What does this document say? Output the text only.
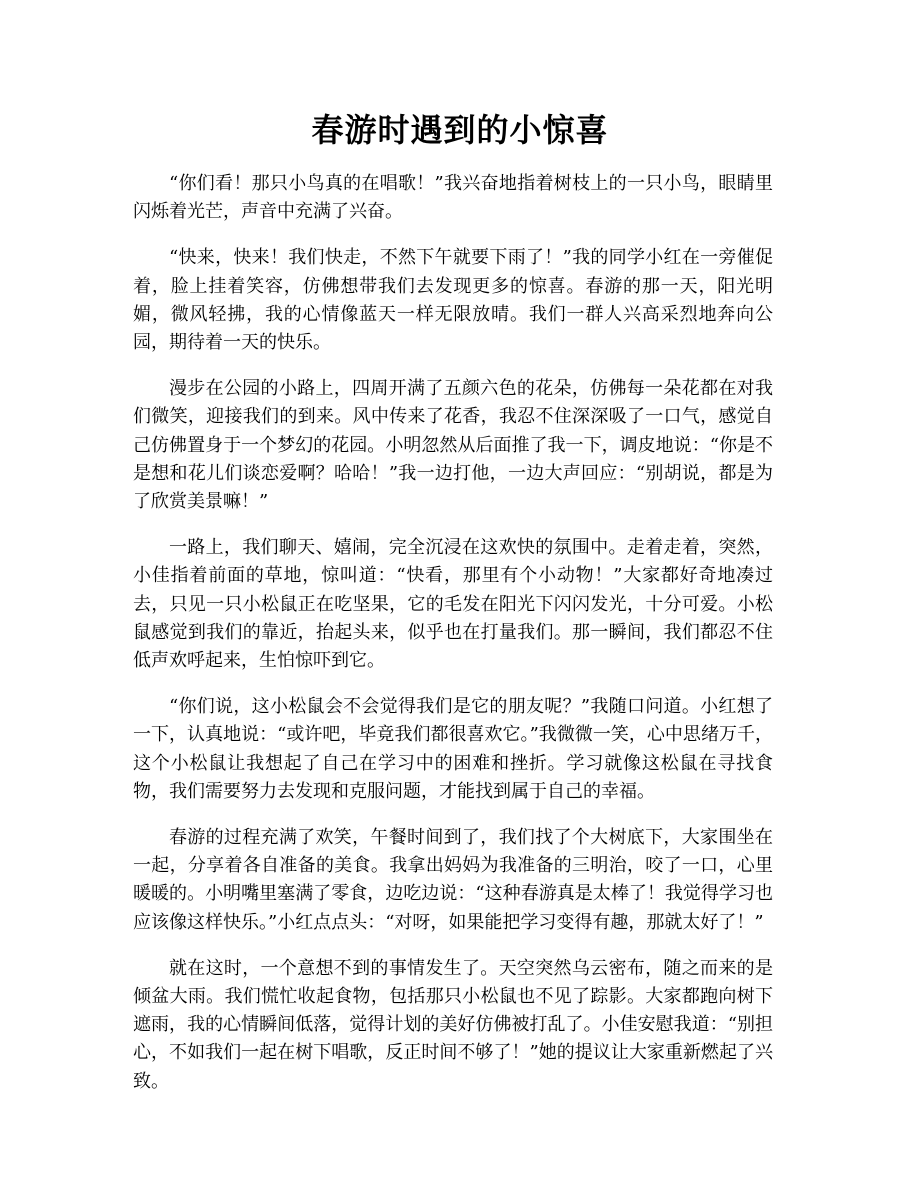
春游时遇到的小惊喜

“你们看！那只小鸟真的在唱歌！”我兴奋地指着树枝上的一只小鸟，眼睛里闪烁着光芒，声音中充满了兴奋。

“快来，快来！我们快走，不然下午就要下雨了！”我的同学小红在一旁催促着，脸上挂着笑容，仿佛想带我们去发现更多的惊喜。春游的那一天，阳光明媚，微风轻拂，我的心情像蓝天一样无限放晴。我们一群人兴高采烈地奔向公园，期待着一天的快乐。

漫步在公园的小路上，四周开满了五颜六色的花朵，仿佛每一朵花都在对我们微笑，迎接我们的到来。风中传来了花香，我忍不住深深吸了一口气，感觉自己仿佛置身于一个梦幻的花园。小明忽然从后面推了我一下，调皮地说：“你是不是想和花儿们谈恋爱啊？哈哈！”我一边打他，一边大声回应：“别胡说，都是为了欣赏美景嘛！”

一路上，我们聊天、嬉闹，完全沉浸在这欢快的氛围中。走着走着，突然，小佳指着前面的草地，惊叫道：“快看，那里有个小动物！”大家都好奇地凑过去，只见一只小松鼠正在吃坚果，它的毛发在阳光下闪闪发光，十分可爱。小松鼠感觉到我们的靠近，抬起头来，似乎也在打量我们。那一瞬间，我们都忍不住低声欢呼起来，生怕惊吓到它。

“你们说，这小松鼠会不会觉得我们是它的朋友呢？”我随口问道。小红想了一下，认真地说：“或许吧，毕竟我们都很喜欢它。”我微微一笑，心中思绪万千，这个小松鼠让我想起了自己在学习中的困难和挫折。学习就像这松鼠在寻找食物，我们需要努力去发现和克服问题，才能找到属于自己的幸福。

春游的过程充满了欢笑，午餐时间到了，我们找了个大树底下，大家围坐在一起，分享着各自准备的美食。我拿出妈妈为我准备的三明治，咬了一口，心里暖暖的。小明嘴里塞满了零食，边吃边说：“这种春游真是太棒了！我觉得学习也应该像这样快乐。”小红点点头：“对呀，如果能把学习变得有趣，那就太好了！”

就在这时，一个意想不到的事情发生了。天空突然乌云密布，随之而来的是倾盆大雨。我们慌忙收起食物，包括那只小松鼠也不见了踪影。大家都跑向树下遮雨，我的心情瞬间低落，觉得计划的美好仿佛被打乱了。小佳安慰我道：“别担心，不如我们一起在树下唱歌，反正时间不够了！”她的提议让大家重新燃起了兴致。
